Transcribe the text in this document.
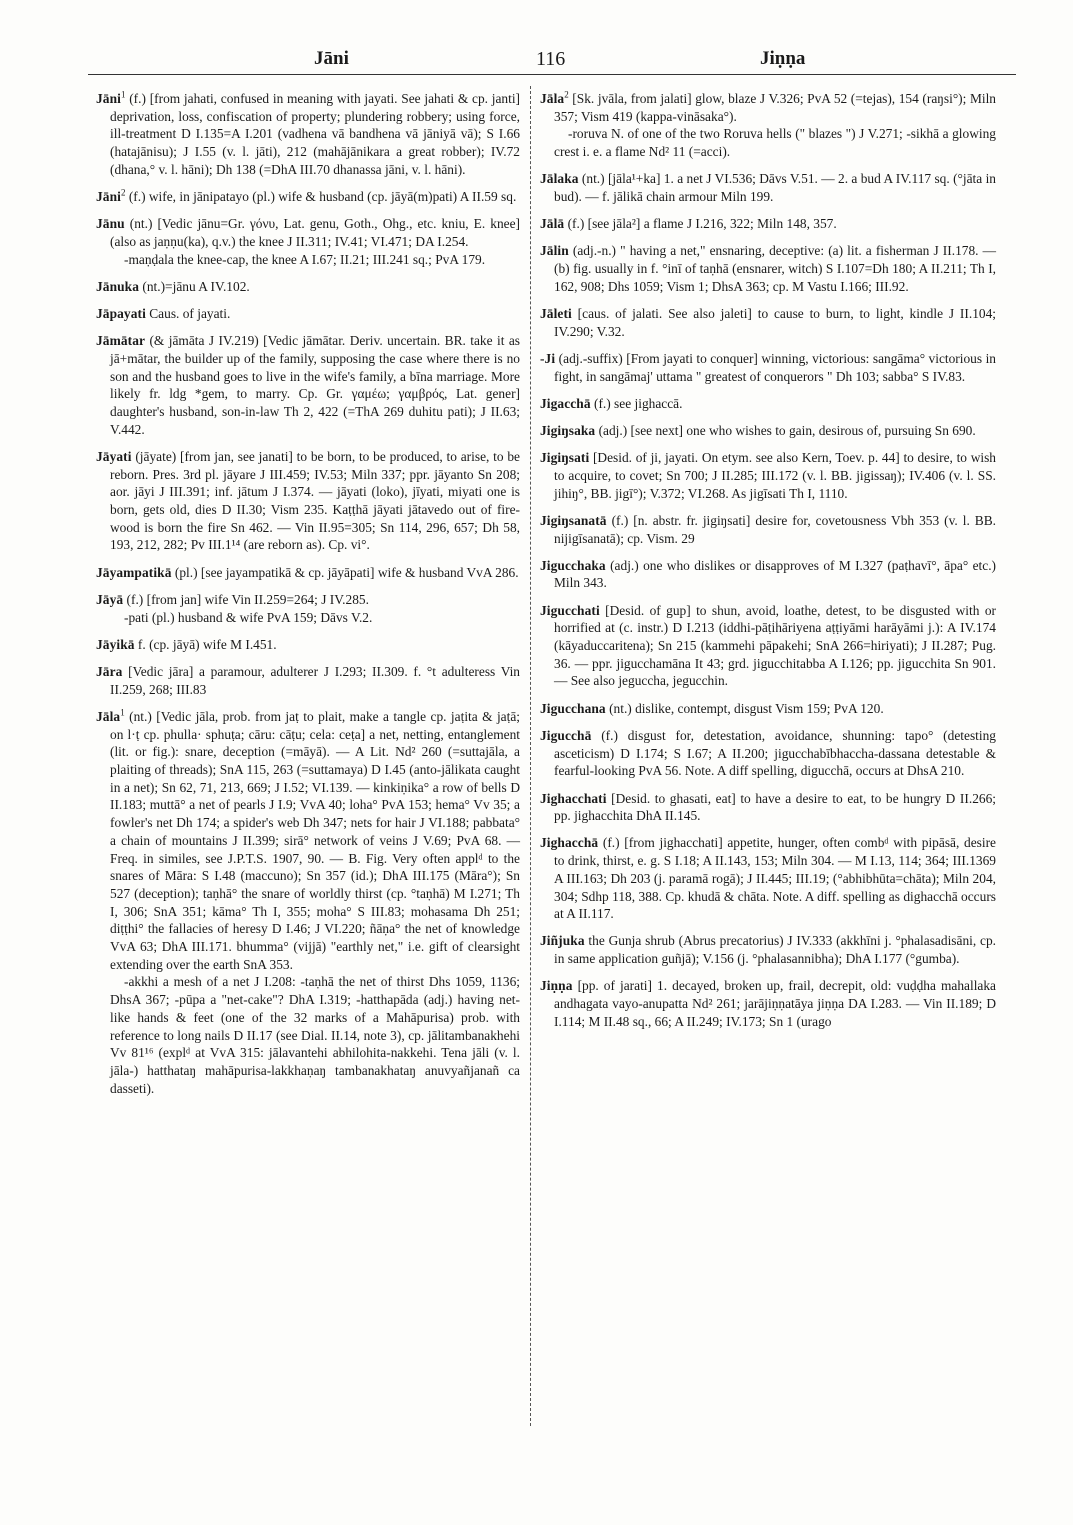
Jāni	116	Jiṇṇa

Jāni$^1$ (f.) [from jahati, confused in meaning with jayati. See jahati & cp. janti] deprivation, loss, confiscation of property; plundering robbery; using force, ill-treatment D I.135=A I.201 (vadhena vā bandhena vā jāniyā vā); S I.66 (hatajānisu); J I.55 (v. l. jāti), 212 (mahājānikara a great robber); IV.72 (dhana,° v. l. hāni); Dh 138 (=DhA III.70 dhanassa jāni, v. l. hāni).

Jāni$^2$ (f.) wife, in jānipatayo (pl.) wife & husband (cp. jāyā(m)pati) A II.59 sq.

Jānu (nt.) [Vedic jānu=Gr. γόνυ, Lat. genu, Goth., Ohg., etc. kniu, E. knee] (also as jaṇṇu(ka), q.v.) the knee J II.311; IV.41; VI.471; DA I.254.
-maṇḍala the knee-cap, the knee A I.67; II.21; III.241 sq.; PvA 179.

Jānuka (nt.)=jānu A IV.102.

Jāpayati Caus. of jayati.

Jāmātar (& jāmāta J IV.219) [Vedic jāmātar. Deriv. uncertain. BR. take it as jā+mātar, the builder up of the family, supposing the case where there is no son and the husband goes to live in the wife's family, a bīna marriage. More likely fr. ldg *gem, to marry. Cp. Gr. γαμέω; γαμβρός, Lat. gener] daughter's husband, son-in-law Th 2, 422 (=ThA 269 duhitu pati); J II.63; V.442.

Jāyati (jāyate) [from jan, see janati] to be born, to be produced, to arise, to be reborn. Pres. 3rd pl. jāyare J III.459; IV.53; Miln 337; ppr. jāyanto Sn 208; aor. jāyi J III.391; inf. jātum J I.374. — jāyati (loko), jīyati, miyati one is born, gets old, dies D II.30; Vism 235. Kaṭṭhā jāyati jātavedo out of fire-wood is born the fire Sn 462. — Vin II.95=305; Sn 114, 296, 657; Dh 58, 193, 212, 282; Pv III.1¹⁴ (are reborn as). Cp. vi°.

Jāyampatikā (pl.) [see jayampatikā & cp. jāyāpati] wife & husband VvA 286.

Jāyā (f.) [from jan] wife Vin II.259=264; J IV.285.
-pati (pl.) husband & wife PvA 159; Dāvs V.2.

Jāyikā f. (cp. jāyā) wife M I.451.

Jāra [Vedic jāra] a paramour, adulterer J I.293; II.309. f. °t adulteress Vin II.259, 268; III.83

Jāla$^1$ (nt.) [Vedic jāla, prob. from jaṭ to plait, make a tangle cp. jaṭita & jaṭā; on l·ṭ cp. phulla· sphuṭa; cāru: cāṭu; cela: ceṭa] a net, netting, entanglement (lit. or fig.): snare, deception (=māyā). — A Lit. Nd² 260 (=suttajāla, a plaiting of threads); SnA 115, 263 (=suttamaya) D I.45 (anto-jālikata caught in a net); Sn 62, 71, 213, 669; J I.52; VI.139. — kinkiṇika° a row of bells D II.183; muttā° a net of pearls J I.9; VvA 40; loha° PvA 153; hema° Vv 35; a fowler's net Dh 174; a spider's web Dh 347; nets for hair J VI.188; pabbata° a chain of mountains J II.399; sirā° network of veins J V.69; PvA 68. — Freq. in similes, see J.P.T.S. 1907, 90. — B. Fig. Very often applᵈ to the snares of Māra: S I.48 (maccuno); Sn 357 (id.); DhA III.175 (Māra°); Sn 527 (deception); taṇhā° the snare of worldly thirst (cp. °taṇhā) M I.271; Th I, 306; SnA 351; kāma° Th I, 355; moha° S III.83; mohasama Dh 251; diṭṭhi° the fallacies of heresy D I.46; J VI.220; ñāṇa° the net of knowledge VvA 63; DhA III.171. bhumma° (vijjā) "earthly net," i.e. gift of clearsight extending over the earth SnA 353.
-akkhi a mesh of a net J I.208: -taṇhā the net of thirst Dhs 1059, 1136; DhsA 367; -pūpa a "net-cake"? DhA I.319; -hatthapāda (adj.) having net-like hands & feet (one of the 32 marks of a Mahāpurisa) prob. with reference to long nails D II.17 (see Dial. II.14, note 3), cp. jālitambanakhehi Vv 81¹⁶ (explᵈ at VvA 315: jālavantehi abhilohita-nakkehi. Tena jāli (v. l. jāla-) hatthataŋ mahāpurisa-lakkhaṇaŋ tambanakhataŋ anuvyañjanañ ca dasseti).

Jāla$^2$ [Sk. jvāla, from jalati] glow, blaze J V.326; PvA 52 (=tejas), 154 (raŋsi°); Miln 357; Vism 419 (kappa-vināsaka°).
-roruva N. of one of the two Roruva hells (" blazes ") J V.271; -sikhā a glowing crest i. e. a flame Nd² 11 (=acci).

Jālaka (nt.) [jāla¹+ka] 1. a net J VI.536; Dāvs V.51. — 2. a bud A IV.117 sq. (°jāta in bud). — f. jālikā chain armour Miln 199.

Jālā (f.) [see jāla²] a flame J I.216, 322; Miln 148, 357.

Jālin (adj.-n.) " having a net," ensnaring, deceptive: (a) lit. a fisherman J II.178. — (b) fig. usually in f. °inī of taṇhā (ensnarer, witch) S I.107=Dh 180; A II.211; Th I, 162, 908; Dhs 1059; Vism 1; DhsA 363; cp. M Vastu I.166; III.92.

Jāleti [caus. of jalati. See also jaleti] to cause to burn, to light, kindle J II.104; IV.290; V.32.

-Ji (adj.-suffix) [From jayati to conquer] winning, victorious: sangāma° victorious in fight, in sangāmaj' uttama " greatest of conquerors " Dh 103; sabba° S IV.83.

Jigacchā (f.) see jighaccā.

Jigiŋsaka (adj.) [see next] one who wishes to gain, desirous of, pursuing Sn 690.

Jigiŋsati [Desid. of ji, jayati. On etym. see also Kern, Toev. p. 44] to desire, to wish to acquire, to covet; Sn 700; J II.285; III.172 (v. l. BB. jigissaŋ); IV.406 (v. l. SS. jihiŋ°, BB. jigī°); V.372; VI.268. As jigīsati Th I, 1110.

Jigiŋsanatā (f.) [n. abstr. fr. jigiŋsati] desire for, covetousness Vbh 353 (v. l. BB. nijigīsanatā); cp. Vism. 29

Jigucchaka (adj.) one who dislikes or disapproves of M I.327 (paṭhavī°, āpa° etc.) Miln 343.

Jigucchati [Desid. of gup] to shun, avoid, loathe, detest, to be disgusted with or horrified at (c. instr.) D I.213 (iddhi-pāṭihāriyena aṭṭiyāmi harāyāmi j.): A IV.174 (kāyaduccaritena); Sn 215 (kammehi pāpakehi; SnA 266=hiriyati); J II.287; Pug. 36. — ppr. jigucchamāna It 43; grd. jigucchitabba A I.126; pp. jigucchita Sn 901. — See also jeguccha, jegucchin.

Jigucchana (nt.) dislike, contempt, disgust Vism 159; PvA 120.

Jigucchā (f.) disgust for, detestation, avoidance, shunning: tapo° (detesting asceticism) D I.174; S I.67; A II.200; jigucchabībhaccha-dassana detestable & fearful-looking PvA 56. Note. A diff spelling, digucchā, occurs at DhsA 210.

Jighacchati [Desid. to ghasati, eat] to have a desire to eat, to be hungry D II.266; pp. jighacchita DhA II.145.

Jighacchā (f.) [from jighacchati] appetite, hunger, often combᵈ with pipāsā, desire to drink, thirst, e. g. S I.18; A II.143, 153; Miln 304. — M I.13, 114; 364; III.1369 A III.163; Dh 203 (j. paramā rogā); J II.445; III.19; (°abhibhūta=chāta); Miln 204, 304; Sdhp 118, 388. Cp. khudā & chāta. Note. A diff. spelling as dighacchā occurs at A II.117.

Jiñjuka the Gunja shrub (Abrus precatorius) J IV.333 (akkhīni j. °phalasadisāni, cp. in same application guñjā); V.156 (j. °phalasannibha); DhA I.177 (°gumba).

Jiṇṇa [pp. of jarati] 1. decayed, broken up, frail, decrepit, old: vuḍḍha mahallaka andhagata vayo-anupatta Nd² 261; jarājiṇṇatāya jiṇṇa DA I.283. — Vin II.189; D I.114; M II.48 sq., 66; A II.249; IV.173; Sn 1 (urago
